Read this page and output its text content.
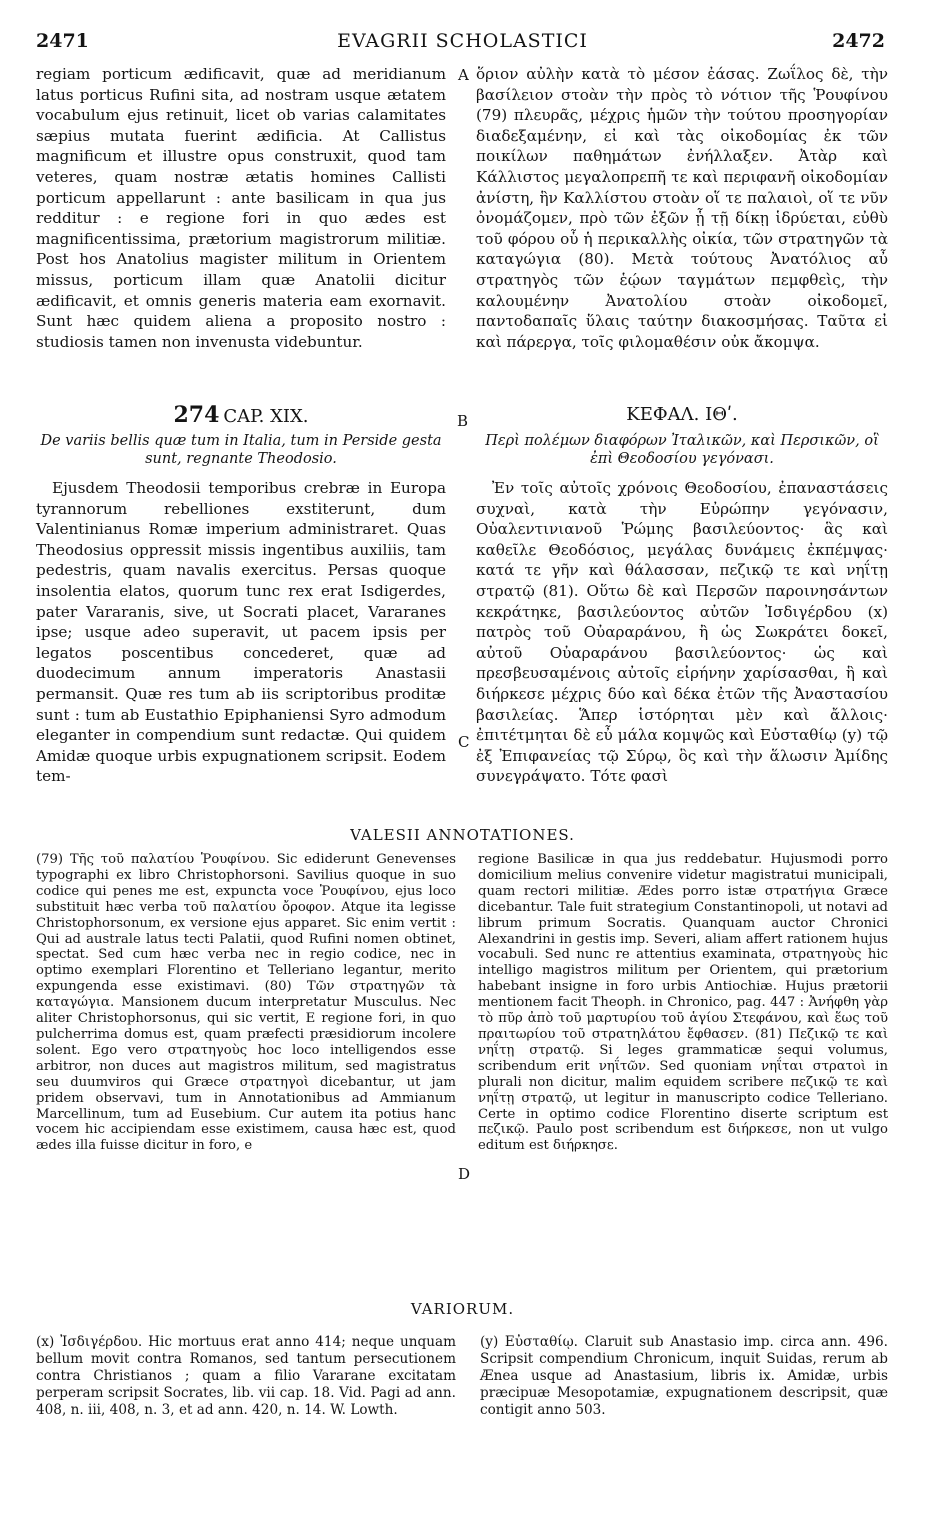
2471	EVAGRII SCHOLASTICI	2472
A
B
C
D

regiam porticum ædificavit, quæ ad meridianum latus porticus Rufini sita, ad nostram usque ætatem vocabulum ejus retinuit, licet ob varias calamitates sæpius mutata fuerint ædificia. At Callistus magnificum et illustre opus construxit, quod tam veteres, quam nostræ ætatis homines Callisti porticum appellarunt : ante basilicam in qua jus redditur : e regione fori in quo ædes est magnificentissima, prætorium magistrorum militiæ. Post hos Anatolius magister militum in Orientem missus, porticum illam quæ Anatolii dicitur ædificavit, et omnis generis materia eam exornavit. Sunt hæc quidem aliena a proposito nostro : studiosis tamen non invenusta videbuntur.

ὅριον αὐλὴν κατὰ τὸ μέσον ἐάσας. Ζωΐλος δὲ, τὴν βασίλειον στοὰν τὴν πρὸς τὸ νότιον τῆς Ῥουφίνου (79) πλευρᾶς, μέχρις ἡμῶν τὴν τούτου προσηγορίαν διαδεξαμένην, εἰ καὶ τὰς οἰκοδομίας ἐκ τῶν ποικίλων παθημάτων ἐνήλλαξεν. Ἀτὰρ καὶ Κάλλιστος μεγαλοπρεπῆ τε καὶ περιφανῆ οἰκοδομίαν ἀνίστη, ἣν Καλλίστου στοὰν οἵ τε παλαιοὶ, οἵ τε νῦν ὀνομάζομεν, πρὸ τῶν ἐξῶν ᾗ τῇ δίκῃ ἱδρύεται, εὐθὺ τοῦ φόρου οὗ ἡ περικαλλὴς οἰκία, τῶν στρατηγῶν τὰ καταγώγια (80). Μετὰ τούτους Ἀνατόλιος αὖ στρατηγὸς τῶν ἑῴων ταγμάτων πεμφθεὶς, τὴν καλουμένην Ἀνατολίου στοὰν οἰκοδομεῖ, παντοδαπαῖς ὕλαις ταύτην διακοσμήσας. Ταῦτα εἰ καὶ πάρεργα, τοῖς φιλομαθέσιν οὐκ ἄκομψα.

274 CAP. XIX.	ΚΕΦΑΛ. ΙΘʹ.
De variis bellis quæ tum in Italia, tum in Perside gesta sunt, regnante Theodosio.
Περὶ πολέμων διαφόρων Ἰταλικῶν, καὶ Περσικῶν, οἳ ἐπὶ Θεοδοσίου γεγόνασι.

Ejusdem Theodosii temporibus crebræ in Europa tyrannorum rebelliones exstiterunt, dum Valentinianus Romæ imperium administraret. Quas Theodosius oppressit missis ingentibus auxiliis, tam pedestris, quam navalis exercitus. Persas quoque insolentia elatos, quorum tunc rex erat Isdigerdes, pater Vararanis, sive, ut Socrati placet, Vararanes ipse; usque adeo superavit, ut pacem ipsis per legatos poscentibus concederet, quæ ad duodecimum annum imperatoris Anastasii permansit. Quæ res tum ab iis scriptoribus proditæ sunt : tum ab Eustathio Epiphaniensi Syro admodum eleganter in compendium sunt redactæ. Qui quidem Amidæ quoque urbis expugnationem scripsit. Eodem tem-

Ἐν τοῖς αὐτοῖς χρόνοις Θεοδοσίου, ἐπαναστάσεις συχναὶ, κατὰ τὴν Εὐρώπην γεγόνασιν, Οὐαλεντινιανοῦ Ῥώμης βασιλεύοντος· ἃς καὶ καθεῖλε Θεοδόσιος, μεγάλας δυνάμεις ἐκπέμψας· κατά τε γῆν καὶ θάλασσαν, πεζικῷ τε καὶ νηΐτῃ στρατῷ (81). Οὕτω δὲ καὶ Περσῶν παροινησάντων κεκράτηκε, βασιλεύοντος αὐτῶν Ἰσδιγέρδου (x) πατρὸς τοῦ Οὐαραράνου, ἢ ὡς Σωκράτει δοκεῖ, αὐτοῦ Οὐαραράνου βασιλεύοντος· ὡς καὶ πρεσβευσαμένοις αὐτοῖς εἰρήνην χαρίσασθαι, ἣ καὶ διήρκεσε μέχρις δύο καὶ δέκα ἐτῶν τῆς Ἀναστασίου βασιλείας. Ἅπερ ἱστόρηται μὲν καὶ ἄλλοις· ἐπιτέτμηται δὲ εὖ μάλα κομψῶς καὶ Εὐσταθίῳ (y) τῷ ἐξ Ἐπιφανείας τῷ Σύρῳ, ὃς καὶ τὴν ἅλωσιν Ἀμίδης συνεγράψατο. Τότε φασὶ

VALESII ANNOTATIONES.

(79) Τῆς τοῦ παλατίου Ῥουφίνου. Sic ediderunt Genevenses typographi ex libro Christophorsoni. Savilius quoque in suo codice qui penes me est, expuncta voce Ῥουφίνου, ejus loco substituit hæc verba τοῦ παλατίου ὄροφον. Atque ita legisse Christophorsonum, ex versione ejus apparet. Sic enim vertit : Qui ad australe latus tecti Palatii, quod Rufini nomen obtinet, spectat. Sed cum hæc verba nec in regio codice, nec in optimo exemplari Florentino et Telleriano legantur, merito expungenda esse existimavi. (80) Τῶν στρατηγῶν τὰ καταγώγια. Mansionem ducum interpretatur Musculus. Nec aliter Christophorsonus, qui sic vertit, E regione fori, in quo pulcherrima domus est, quam præfecti præsidiorum incolere solent. Ego vero στρατηγοὺς hoc loco intelligendos esse arbitror, non duces aut magistros militum, sed magistratus seu duumviros qui Græce στρατηγοὶ dicebantur, ut jam pridem observavi, tum in Annotationibus ad Ammianum Marcellinum, tum ad Eusebium. Cur autem ita potius hanc vocem hic accipiendam esse existimem, causa hæc est, quod ædes illa fuisse dicitur in foro, e

regione Basilicæ in qua jus reddebatur. Hujusmodi porro domicilium melius convenire videtur magistratui municipali, quam rectori militiæ. Ædes porro istæ στρατήγια Græce dicebantur. Tale fuit strategium Constantinopoli, ut notavi ad librum primum Socratis. Quanquam auctor Chronici Alexandrini in gestis imp. Severi, aliam affert rationem hujus vocabuli. Sed nunc re attentius examinata, στρατηγοὺς hic intelligo magistros militum per Orientem, qui prætorium habebant insigne in foro urbis Antiochiæ. Hujus prætorii mentionem facit Theoph. in Chronico, pag. 447 : Ἀνήφθη γὰρ τὸ πῦρ ἀπὸ τοῦ μαρτυρίου τοῦ ἁγίου Στεφάνου, καὶ ἕως τοῦ πραιτωρίου τοῦ στρατηλάτου ἔφθασεν. (81) Πεζικῷ τε καὶ νηΐτῃ στρατῷ. Si leges grammaticæ sequi volumus, scribendum erit νηΐτῶν. Sed quoniam νηΐται στρατοὶ in plurali non dicitur, malim equidem scribere πεζικῷ τε καὶ νηΐτῃ στρατῷ, ut legitur in manuscripto codice Telleriano. Certe in optimo codice Florentino diserte scriptum est πεζικῷ. Paulo post scribendum est διήρκεσε, non ut vulgo editum est διήρκησε.

VARIORUM.

(x) Ἰσδιγέρδου. Hic mortuus erat anno 414; neque unquam bellum movit contra Romanos, sed tantum persecutionem contra Christianos ; quam a filio Vararane excitatam perperam scripsit Socrates, lib. vii cap. 18. Vid. Pagi ad ann. 408, n. iii, 408, n. 3, et ad ann. 420, n. 14. W. Lowth.

(y) Εὐσταθίῳ. Claruit sub Anastasio imp. circa ann. 496. Scripsit compendium Chronicum, inquit Suidas, rerum ab Ænea usque ad Anastasium, libris ix. Amidæ, urbis præcipuæ Mesopotamiæ, expugnationem descripsit, quæ contigit anno 503.
